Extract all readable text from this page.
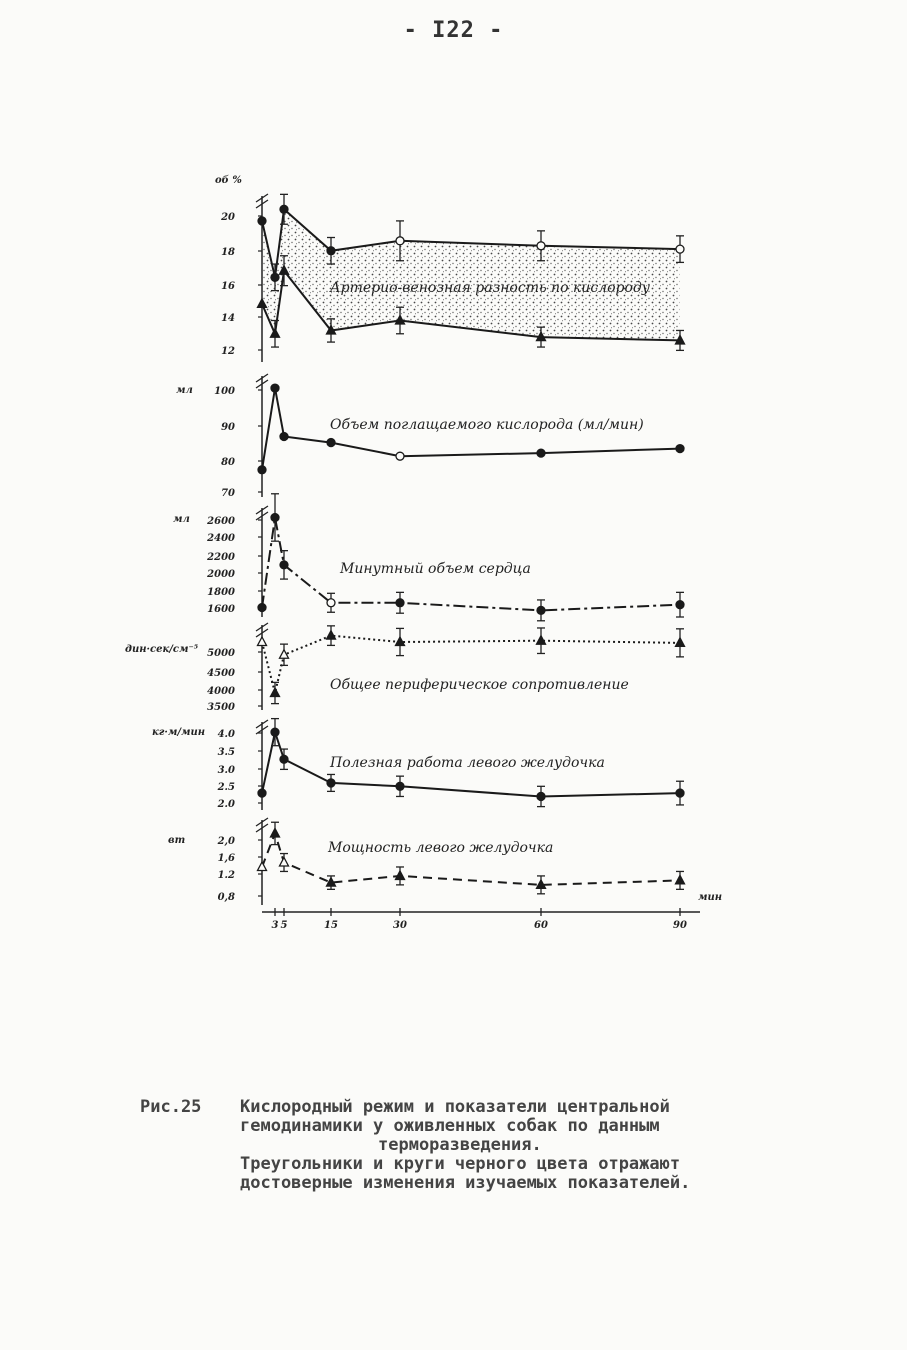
- I22 -
3 5	15	30	60	90
мин
20
18
16
14
12
об %
Артерио-венозная разность по кислороду
100
90
80
70
мл
Объем поглащаемого кислорода (мл/мин)
2600
2400
2200
2000
1800
1600
мл
Минутный объем сердца
5000
4500
4000
3500
дин·сек/см⁻⁵
Общее периферическое сопротивление
4.0
3.5
3.0
2.5
2.0
кг·м/мин
Полезная работа левого желудочка
2,0
1,6
1.2
0,8
вт	Мощность левого желудочка
Рис.25 Кислородный режим и показатели центральной
гемодинамики у оживленных собак по данным
терморазведения.
Треугольники и круги черного цвета отражают
достоверные изменения изучаемых показателей.
